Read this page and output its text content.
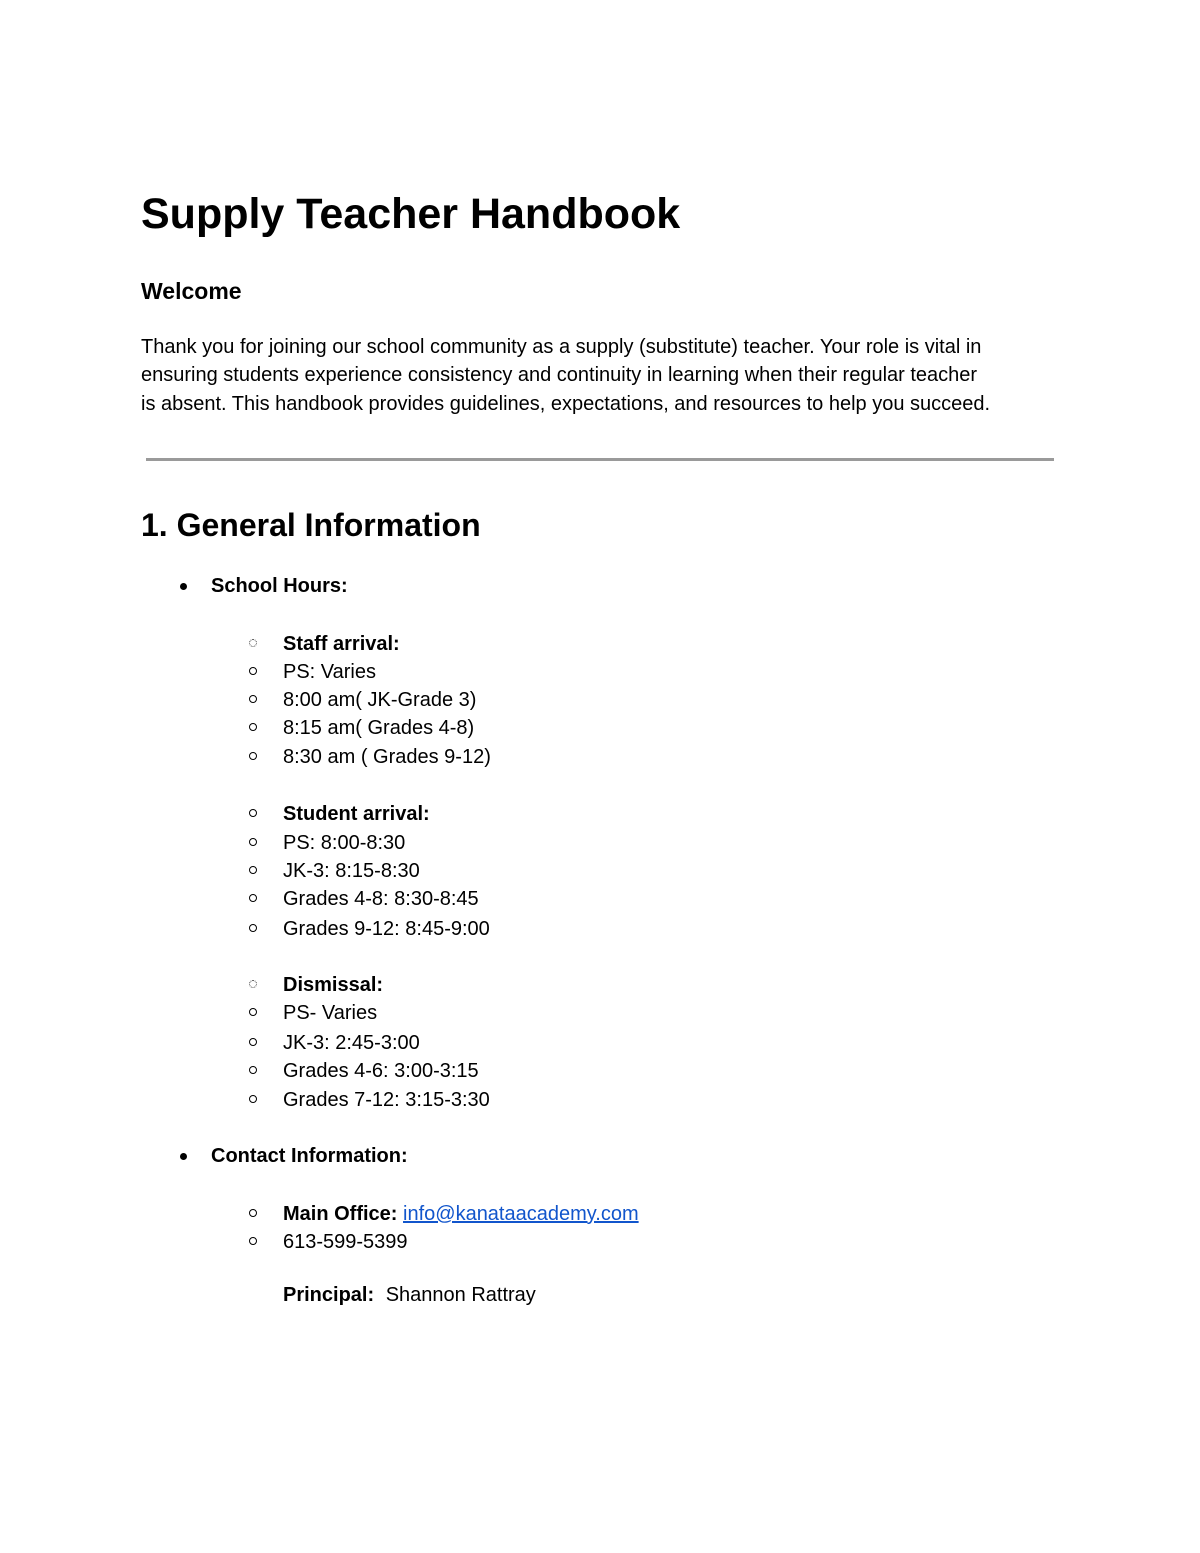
Supply Teacher Handbook
Welcome
Thank you for joining our school community as a supply (substitute) teacher. Your role is vital in
ensuring students experience consistency and continuity in learning when their regular teacher
is absent. This handbook provides guidelines, expectations, and resources to help you succeed.
1. General Information
School Hours:
Staff arrival:
PS: Varies
8:00 am( JK-Grade 3)
8:15 am( Grades 4-8)
8:30 am ( Grades 9-12)
Student arrival:
PS: 8:00-8:30
JK-3: 8:15-8:30
Grades 4-8: 8:30-8:45
Grades 9-12: 8:45-9:00
Dismissal:
PS- Varies
JK-3: 2:45-3:00
Grades 4-6: 3:00-3:15
Grades 7-12: 3:15-3:30
Contact Information:
Main Office: info@kanataacademy.com
613-599-5399
Principal: Shannon Rattray
